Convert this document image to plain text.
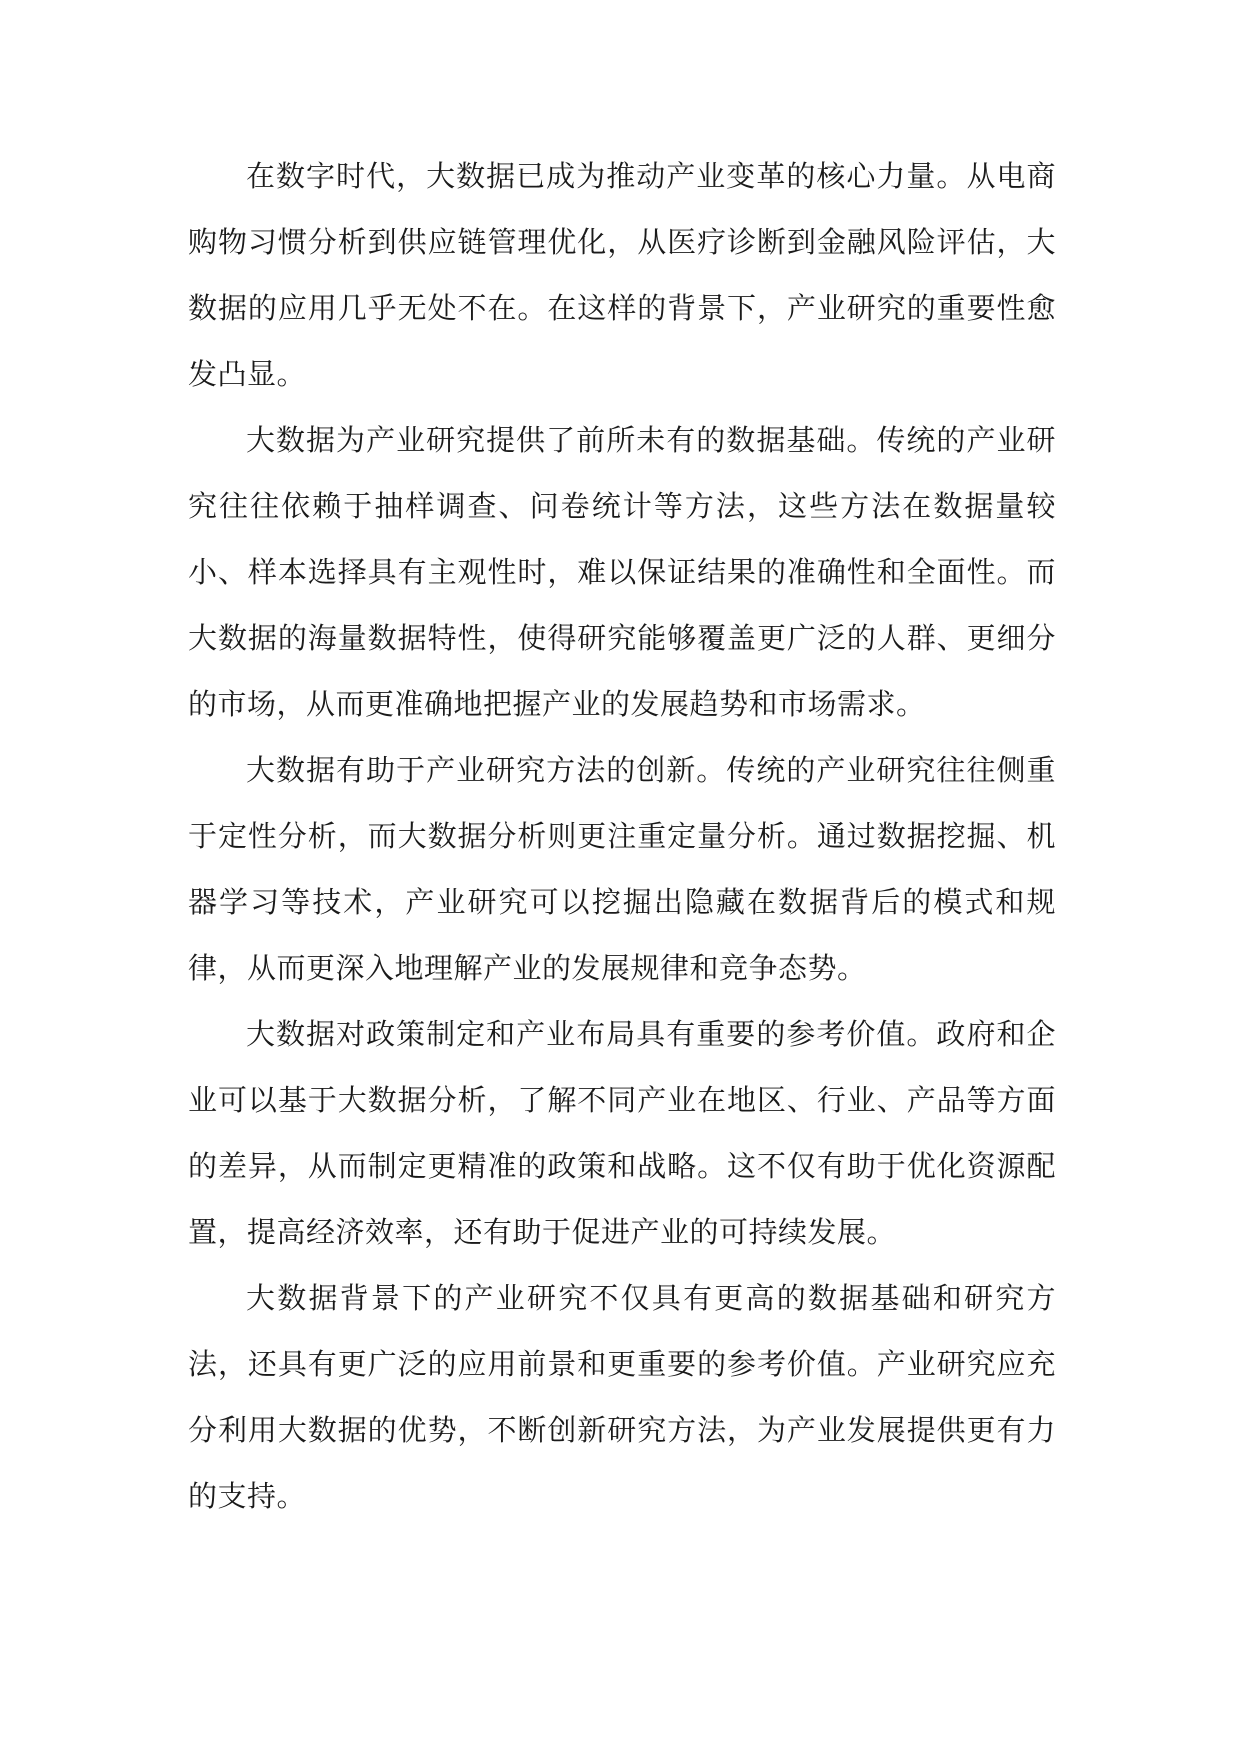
在数字时代，大数据已成为推动产业变革的核心力量。从电商购物习惯分析到供应链管理优化，从医疗诊断到金融风险评估，大数据的应用几乎无处不在。在这样的背景下，产业研究的重要性愈发凸显。

大数据为产业研究提供了前所未有的数据基础。传统的产业研究往往依赖于抽样调查、问卷统计等方法，这些方法在数据量较小、样本选择具有主观性时，难以保证结果的准确性和全面性。而大数据的海量数据特性，使得研究能够覆盖更广泛的人群、更细分的市场，从而更准确地把握产业的发展趋势和市场需求。

大数据有助于产业研究方法的创新。传统的产业研究往往侧重于定性分析，而大数据分析则更注重定量分析。通过数据挖掘、机器学习等技术，产业研究可以挖掘出隐藏在数据背后的模式和规律，从而更深入地理解产业的发展规律和竞争态势。

大数据对政策制定和产业布局具有重要的参考价值。政府和企业可以基于大数据分析，了解不同产业在地区、行业、产品等方面的差异，从而制定更精准的政策和战略。这不仅有助于优化资源配置，提高经济效率，还有助于促进产业的可持续发展。

大数据背景下的产业研究不仅具有更高的数据基础和研究方法，还具有更广泛的应用前景和更重要的参考价值。产业研究应充分利用大数据的优势，不断创新研究方法，为产业发展提供更有力的支持。
